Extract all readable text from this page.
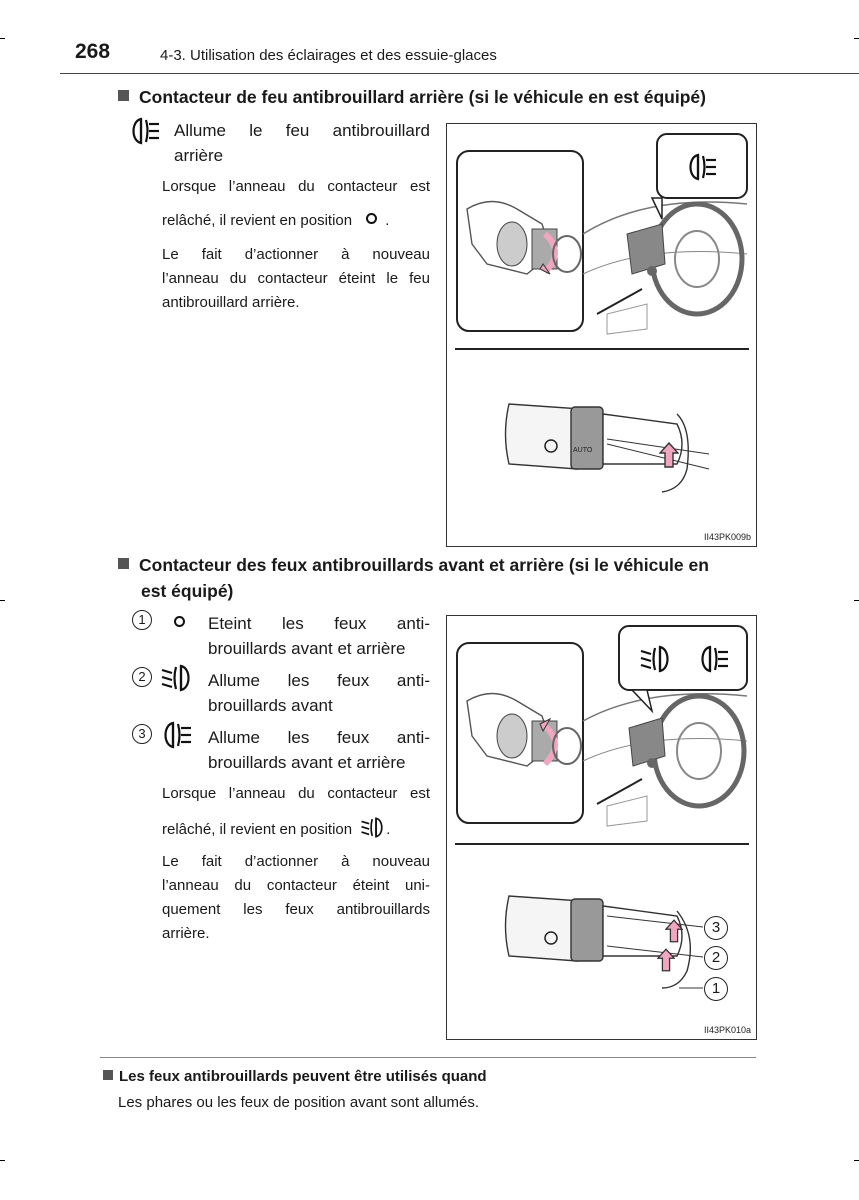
268	4-3. Utilisation des éclairages et des essuie-glaces
Contacteur de feu antibrouillard arrière (si le véhicule en est équipé)
Allume le feu antibrouillard
arrière
Lorsque l’anneau du contacteur est
relâché, il revient en position .
Le fait d’actionner à nouveau
l’anneau du contacteur éteint le feu
antibrouillard arrière.
AUTO
II43PK009b
Contacteur des feux antibrouillards avant et arrière (si le véhicule en
est équipé)
1	Eteint les feux anti-
brouillards avant et arrière
2	Allume les feux anti-
brouillards avant
3	Allume les feux anti-
brouillards avant et arrière
Lorsque l’anneau du contacteur est
relâché, il revient en position .
Le fait d’actionner à nouveau
l’anneau du contacteur éteint uni-
quement les feux antibrouillards
arrière.	3
2
1
II43PK010a
Les feux antibrouillards peuvent être utilisés quand
Les phares ou les feux de position avant sont allumés.
